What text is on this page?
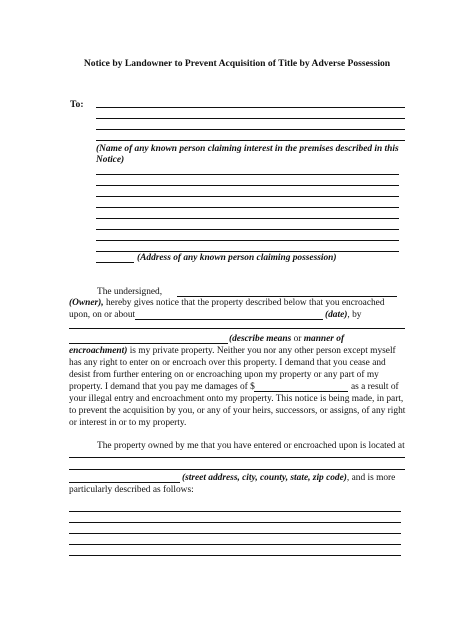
Notice by Landowner to Prevent Acquisition of Title by Adverse Possession
To:
(Name of any known person claiming interest in the premises described in this
Notice)
(Address of any known person claiming possession)
The undersigned,
(Owner), hereby gives notice that the property described below that you encroached
upon, on or about	(date), by
(describe means or manner of
encroachment) is my private property. Neither you nor any other person except myself
has any right to enter on or encroach over this property. I demand that you cease and
desist from further entering on or encroaching upon my property or any part of my
property. I demand that you pay me damages of $	as a result of
your illegal entry and encroachment onto my property. This notice is being made, in part,
to prevent the acquisition by you, or any of your heirs, successors, or assigns, of any right
or interest in or to my property.
The property owned by me that you have entered or encroached upon is located at
(street address, city, county, state, zip code), and is more
particularly described as follows:
